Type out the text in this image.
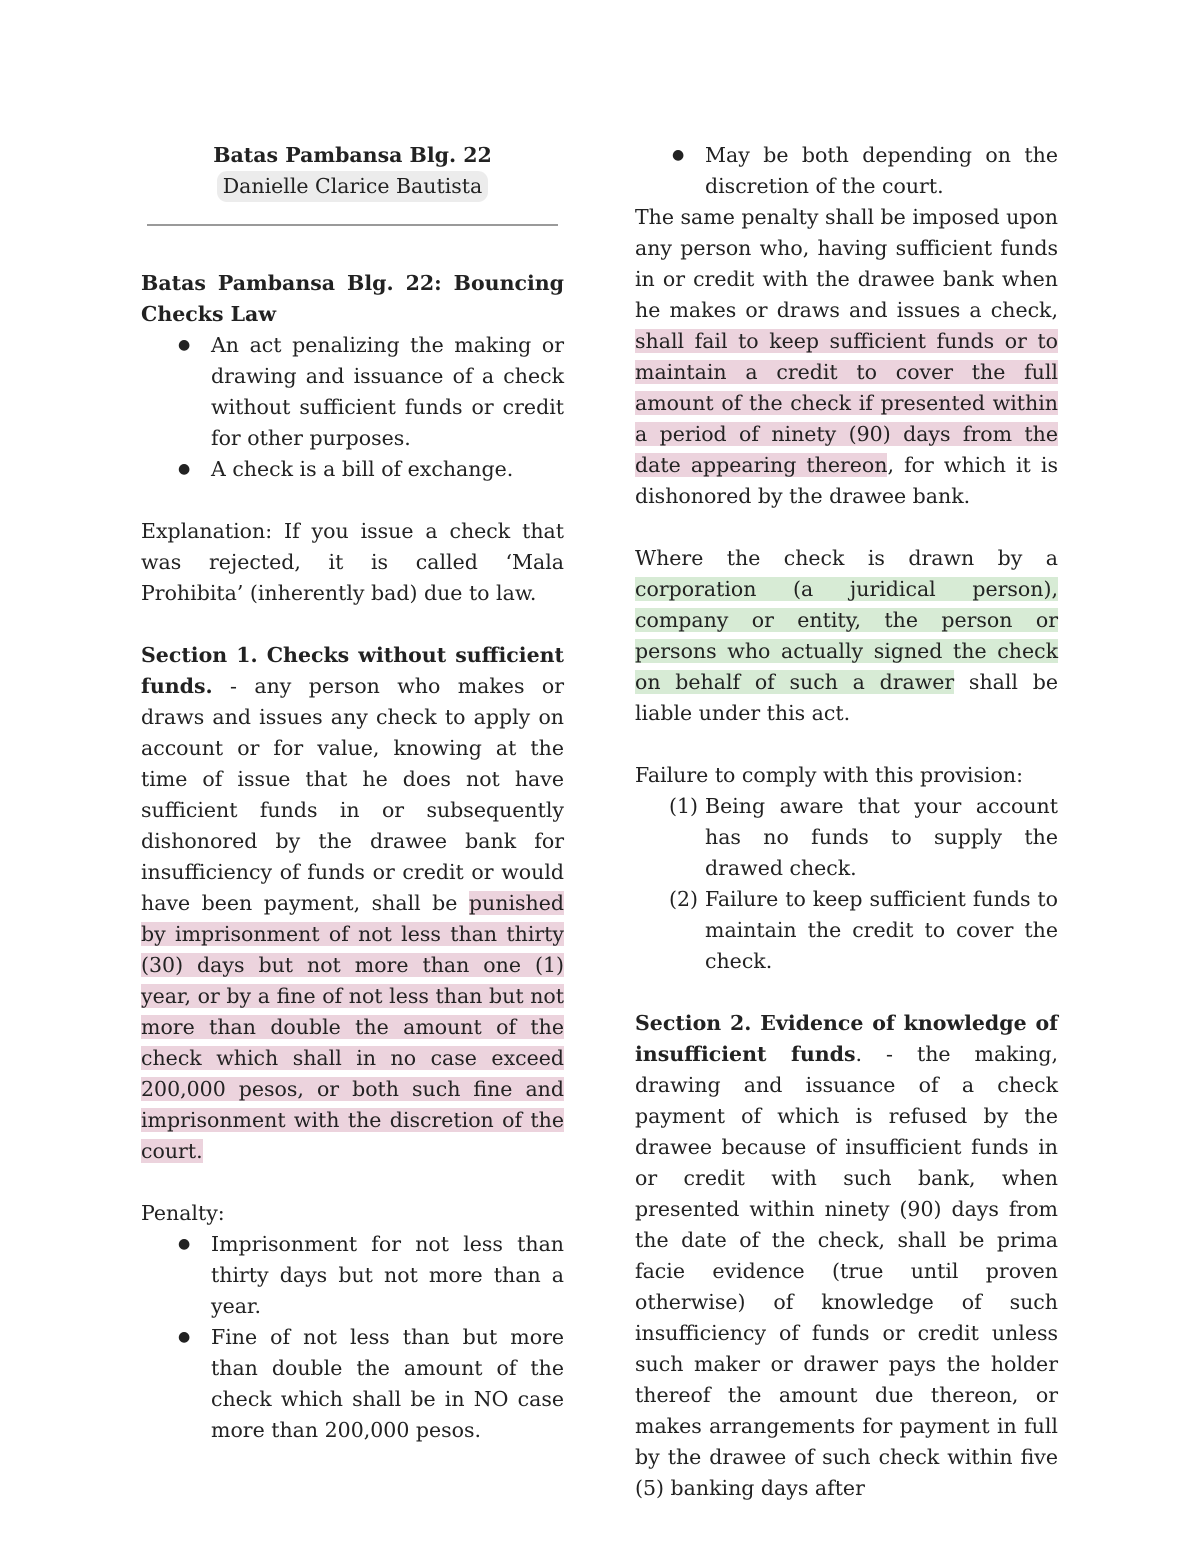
Batas Pambansa Blg. 22
Danielle Clarice Bautista

Batas Pambansa Blg. 22: Bouncing Checks Law

● An act penalizing the making or drawing and issuance of a check without sufficient funds or credit for other purposes.
● A check is a bill of exchange.

Explanation: If you issue a check that was rejected, it is called ‘Mala Prohibita’ (inherently bad) due to law.

Section 1. Checks without sufficient funds. - any person who makes or draws and issues any check to apply on account or for value, knowing at the time of issue that he does not have sufficient funds in or subsequently dishonored by the drawee bank for insufficiency of funds or credit or would have been payment, shall be punished by imprisonment of not less than thirty (30) days but not more than one (1) year, or by a fine of not less than but not more than double the amount of the check which shall in no case exceed 200,000 pesos, or both such fine and imprisonment with the discretion of the court.

Penalty:

● Imprisonment for not less than thirty days but not more than a year.
● Fine of not less than but more than double the amount of the check which shall be in NO case more than 200,000 pesos.
● May be both depending on the discretion of the court.

The same penalty shall be imposed upon any person who, having sufficient funds in or credit with the drawee bank when he makes or draws and issues a check, shall fail to keep sufficient funds or to maintain a credit to cover the full amount of the check if presented within a period of ninety (90) days from the date appearing thereon, for which it is dishonored by the drawee bank.

Where the check is drawn by a corporation (a juridical person), company or entity, the person or persons who actually signed the check on behalf of such a drawer shall be liable under this act.

Failure to comply with this provision:

(1) Being aware that your account has no funds to supply the drawed check.
(2) Failure to keep sufficient funds to maintain the credit to cover the check.

Section 2. Evidence of knowledge of insufficient funds. - the making, drawing and issuance of a check payment of which is refused by the drawee because of insufficient funds in or credit with such bank, when presented within ninety (90) days from the date of the check, shall be prima facie evidence (true until proven otherwise) of knowledge of such insufficiency of funds or credit unless such maker or drawer pays the holder thereof the amount due thereon, or makes arrangements for payment in full by the drawee of such check within five (5) banking days after
